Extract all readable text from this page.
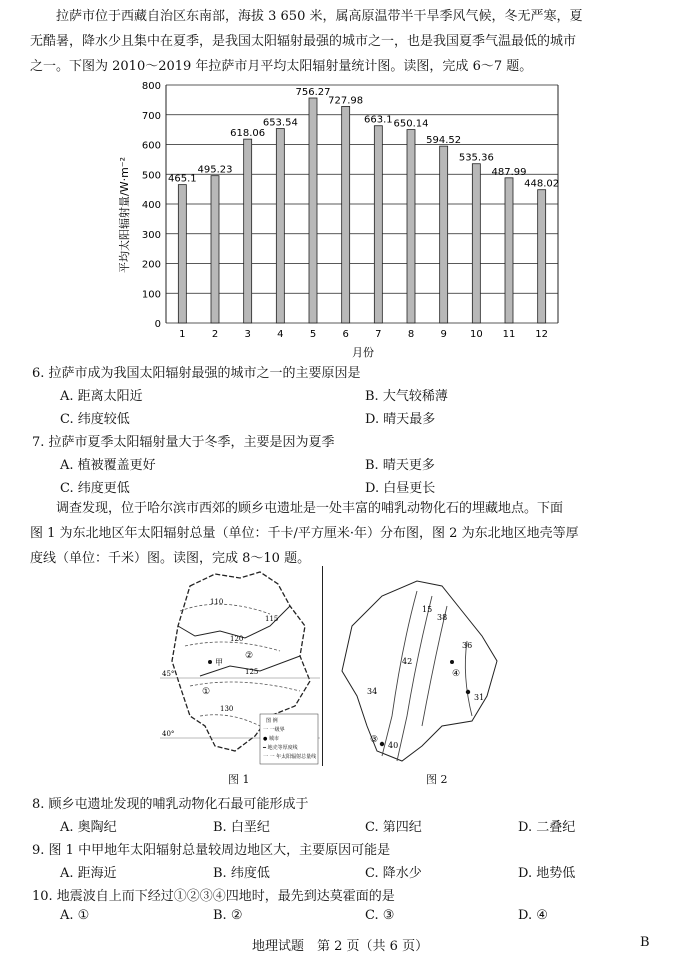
拉萨市位于西藏自治区东南部，海拔 3 650 米，属高原温带半干旱季风气候，冬无严寒，夏
无酷暑，降水少且集中在夏季，是我国太阳辐射最强的城市之一，也是我国夏季气温最低的城市
之一。下图为 2010～2019 年拉萨市月平均太阳辐射量统计图。读图，完成 6～7 题。
0
100
200
300
400
500
600
700
800
1	2	3	4	5	6	7	8	9 10 11 12
465.1
495.23
618.06
653.54
756.27
727.98
663.1 650.14
594.52
535.36
487.99
448.02
平均太阳辐射量/W·m⁻²
月份
6. 拉萨市成为我国太阳辐射最强的城市之一的主要原因是
A. 距离太阳近	B. 大气较稀薄
C. 纬度较低	D. 晴天最多
7. 拉萨市夏季太阳辐射量大于冬季，主要是因为夏季
A. 植被覆盖更好	B. 晴天更多
C. 纬度更低	D. 白昼更长
调查发现，位于哈尔滨市西郊的顾乡屯遗址是一处丰富的哺乳动物化石的埋藏地点。下面
图 1 为东北地区年太阳辐射总量（单位：千卡/平方厘米·年）分布图，图 2 为东北地区地壳等厚
度线（单位：千米）图。读图，完成 8～10 题。
45°
40°
110
120
125
130
115
甲
①
②
图 例
一 一级界
● 城市
━ 地壳等厚度线
一 一 年太阳辐射总量线
图 1
15
38
36
42
34
31
40
④
③
图 2
8. 顾乡屯遗址发现的哺乳动物化石最可能形成于
A. 奥陶纪	B. 白垩纪	C. 第四纪	D. 二叠纪
9. 图 1 中甲地年太阳辐射总量较周边地区大，主要原因可能是
A. 距海近	B. 纬度低	C. 降水少	D. 地势低
10. 地震波自上而下经过①②③④四地时，最先到达莫霍面的是
A. ①	B. ②	C. ③	D. ④
地理试题　第 2 页（共 6 页）	B
